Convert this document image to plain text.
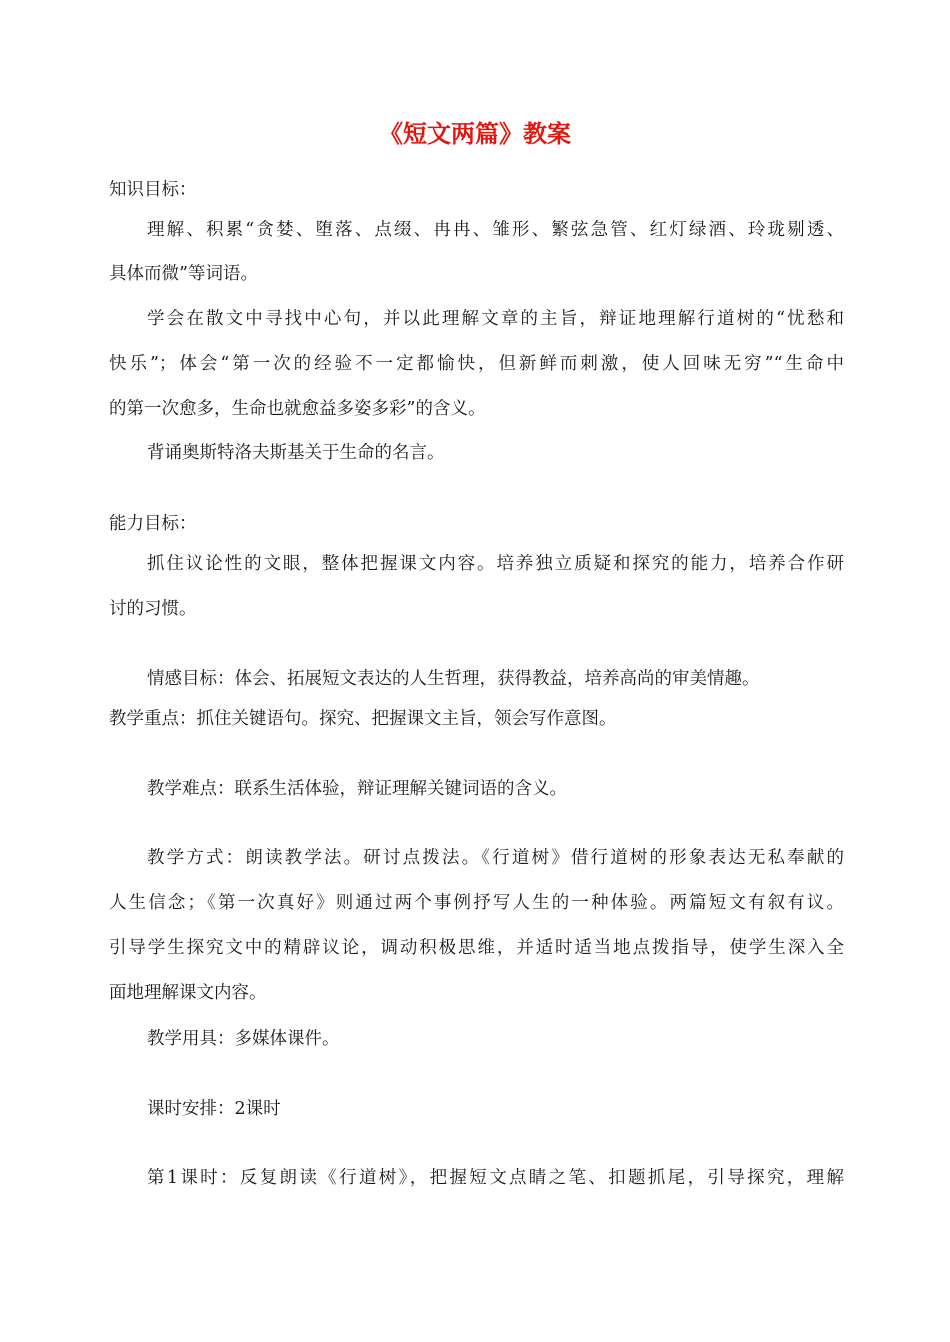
《短文两篇》教案
知识目标：
理解、积累“贪婪、堕落、点缀、冉冉、雏形、繁弦急管、红灯绿酒、玲珑剔透、
具体而微”等词语。
学会在散文中寻找中心句，并以此理解文章的主旨，辩证地理解行道树的“忧愁和
快乐”；体会“第一次的经验不一定都愉快，但新鲜而刺激，使人回味无穷”“生命中
的第一次愈多，生命也就愈益多姿多彩”的含义。
背诵奥斯特洛夫斯基关于生命的名言。
能力目标：
抓住议论性的文眼，整体把握课文内容。培养独立质疑和探究的能力，培养合作研
讨的习惯。
情感目标：体会、拓展短文表达的人生哲理，获得教益，培养高尚的审美情趣。
教学重点：抓住关键语句。探究、把握课文主旨，领会写作意图。
教学难点：联系生活体验，辩证理解关键词语的含义。
教学方式：朗读教学法。研讨点拨法。《行道树》借行道树的形象表达无私奉献的
人生信念；《第一次真好》则通过两个事例抒写人生的一种体验。两篇短文有叙有议。
引导学生探究文中的精辟议论，调动积极思维，并适时适当地点拨指导，使学生深入全
面地理解课文内容。
教学用具：多媒体课件。
课时安排：2课时
第1课时：反复朗读《行道树》，把握短文点睛之笔、扣题抓尾，引导探究，理解
